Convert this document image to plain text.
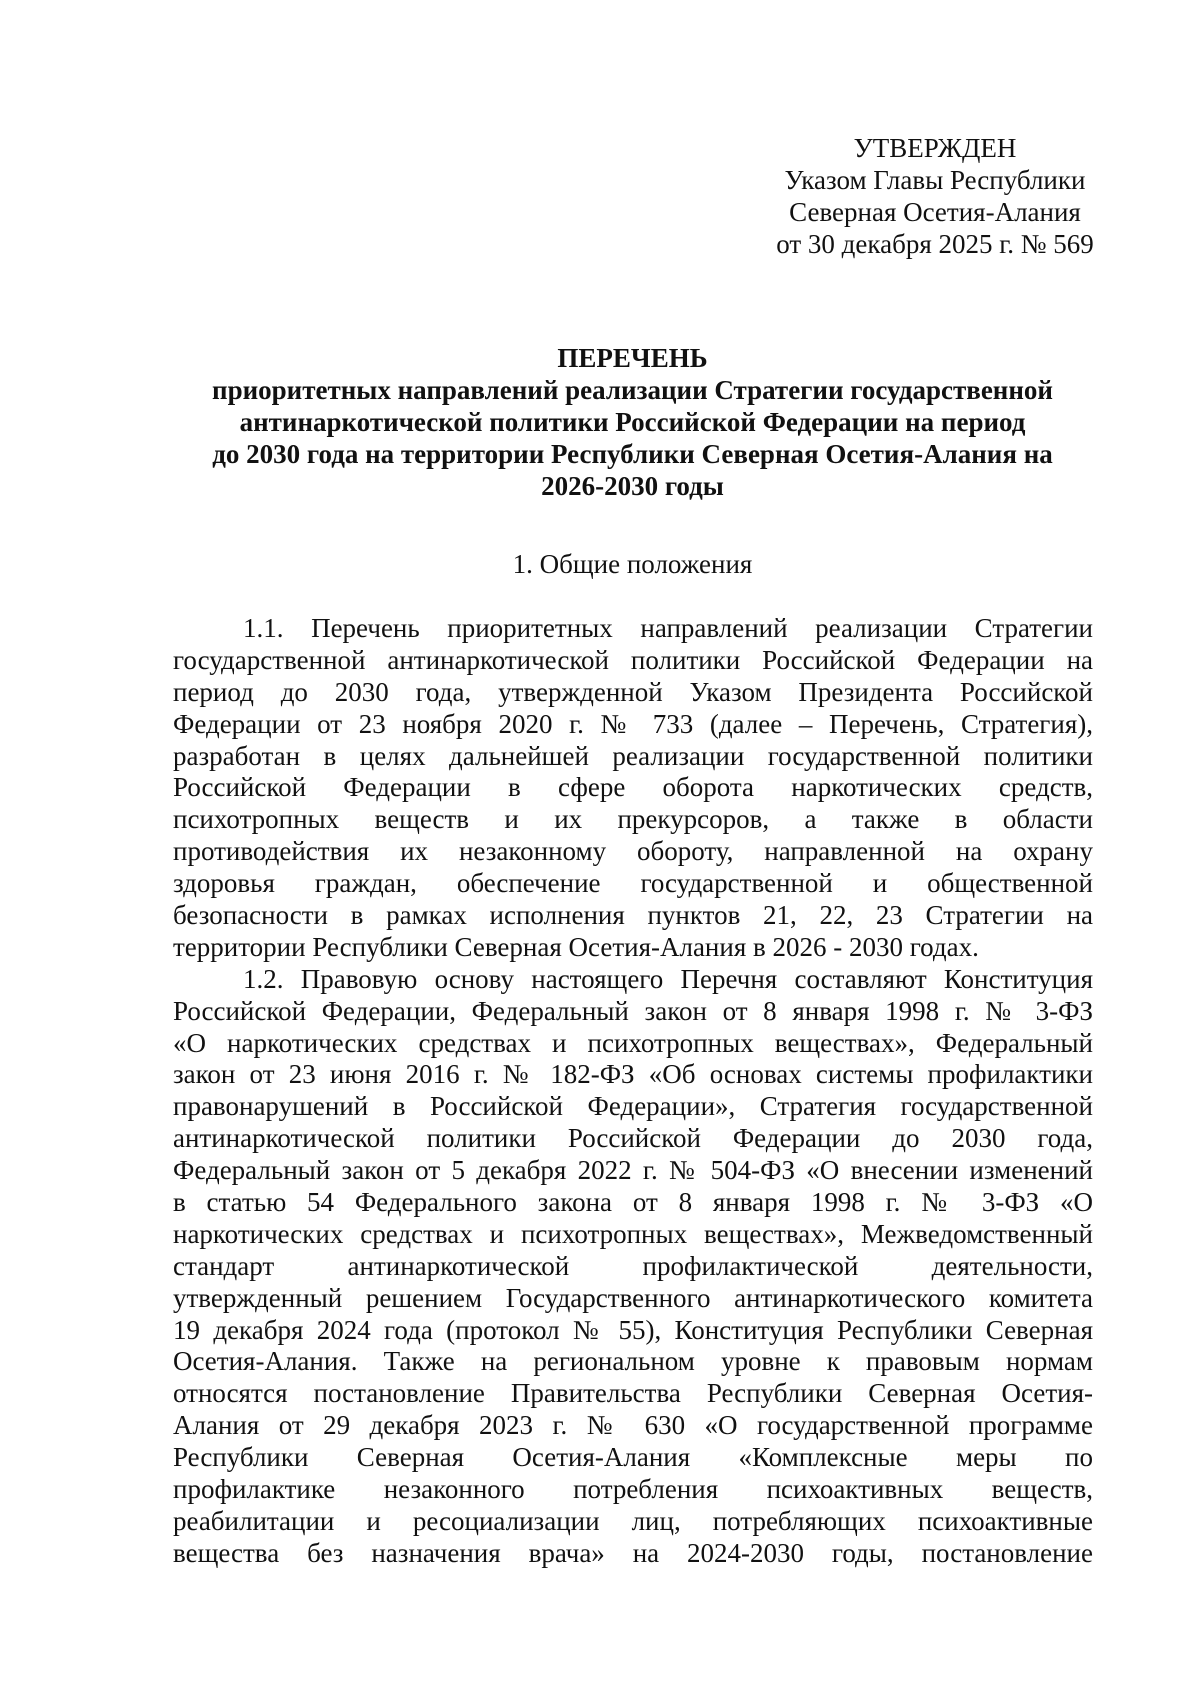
УТВЕРЖДЕН
Указом Главы Республики
Северная Осетия-Алания
от 30 декабря 2025 г. № 569
ПЕРЕЧЕНЬ
приоритетных направлений реализации Стратегии государственной
антинаркотической политики Российской Федерации на период
до 2030 года на территории Республики Северная Осетия-Алания на
2026-2030 годы
1. Общие положения
1.1. Перечень приоритетных направлений реализации Стратегии
государственной антинаркотической политики Российской Федерации на
период до 2030 года, утвержденной Указом Президента Российской
Федерации от 23 ноября 2020 г. № 733 (далее – Перечень, Стратегия),
разработан в целях дальнейшей реализации государственной политики
Российской Федерации в сфере оборота наркотических средств,
психотропных веществ и их прекурсоров, а также в области
противодействия их незаконному обороту, направленной на охрану
здоровья граждан, обеспечение государственной и общественной
безопасности в рамках исполнения пунктов 21, 22, 23 Стратегии на
территории Республики Северная Осетия-Алания в 2026 - 2030 годах.
1.2. Правовую основу настоящего Перечня составляют Конституция
Российской Федерации, Федеральный закон от 8 января 1998 г. № 3-ФЗ
«О наркотических средствах и психотропных веществах», Федеральный
закон от 23 июня 2016 г. № 182-ФЗ «Об основах системы профилактики
правонарушений в Российской Федерации», Стратегия государственной
антинаркотической политики Российской Федерации до 2030 года,
Федеральный закон от 5 декабря 2022 г. № 504-ФЗ «О внесении изменений
в статью 54 Федерального закона от 8 января 1998 г. № 3-ФЗ «О
наркотических средствах и психотропных веществах», Межведомственный
стандарт антинаркотической профилактической деятельности,
утвержденный решением Государственного антинаркотического комитета
19 декабря 2024 года (протокол № 55), Конституция Республики Северная
Осетия-Алания. Также на региональном уровне к правовым нормам
относятся постановление Правительства Республики Северная Осетия-
Алания от 29 декабря 2023 г. № 630 «О государственной программе
Республики Северная Осетия-Алания «Комплексные меры по
профилактике незаконного потребления психоактивных веществ,
реабилитации и ресоциализации лиц, потребляющих психоактивные
вещества без назначения врача» на 2024-2030 годы, постановление
